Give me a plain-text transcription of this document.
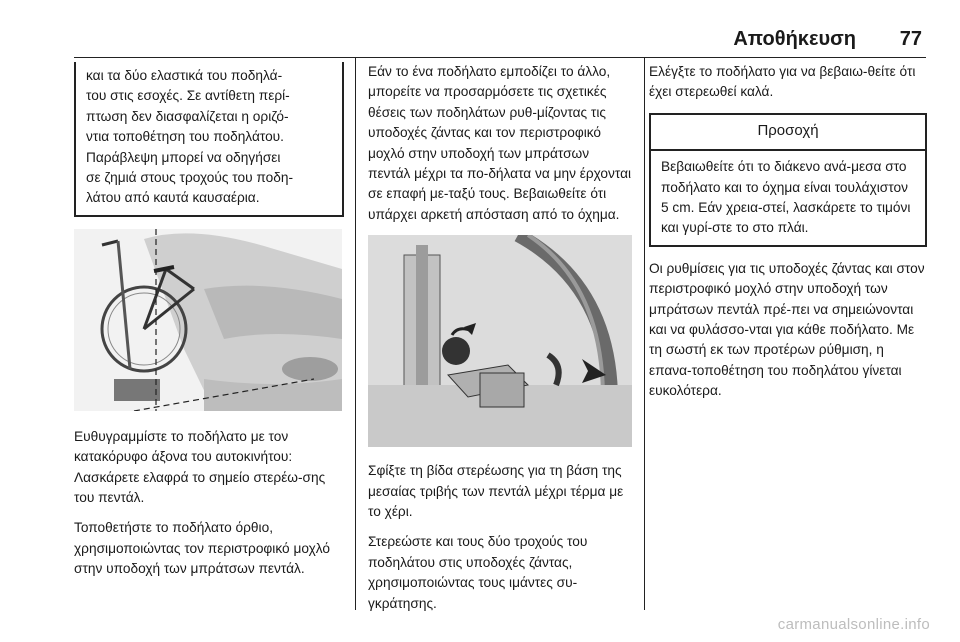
Αποθήκευση 77
και τα δύο ελαστικά του ποδηλά-
του στις εσοχές. Σε αντίθετη περί-
πτωση δεν διασφαλίζεται η οριζό-
ντια τοποθέτηση του ποδηλάτου.
Παράβλεψη μπορεί να οδηγήσει
σε ζημιά στους τροχούς του ποδη-
λάτου από καυτά καυσαέρια.

Ευθυγραμμίστε το ποδήλατο με τον κατακόρυφο άξονα του αυτοκινήτου: Λασκάρετε ελαφρά το σημείο στερέω-σης του πεντάλ.

Τοποθετήστε το ποδήλατο όρθιο, χρησιμοποιώντας τον περιστροφικό μοχλό στην υποδοχή των μπράτσων πεντάλ.

Εάν το ένα ποδήλατο εμποδίζει το άλλο, μπορείτε να προσαρμόσετε τις σχετικές θέσεις των ποδηλάτων ρυθ-μίζοντας τις υποδοχές ζάντας και τον περιστροφικό μοχλό στην υποδοχή των μπράτσων πεντάλ μέχρι τα πο-δήλατα να μην έρχονται σε επαφή με-ταξύ τους. Βεβαιωθείτε ότι υπάρχει αρκετή απόσταση από το όχημα.

Σφίξτε τη βίδα στερέωσης για τη βάση της μεσαίας τριβής των πεντάλ μέχρι τέρμα με το χέρι.

Στερεώστε και τους δύο τροχούς του ποδηλάτου στις υποδοχές ζάντας, χρησιμοποιώντας τους ιμάντες συ-γκράτησης.

Ελέγξτε το ποδήλατο για να βεβαιω-θείτε ότι έχει στερεωθεί καλά.

Προσοχή
Βεβαιωθείτε ότι το διάκενο ανά-μεσα στο ποδήλατο και το όχημα είναι τουλάχιστον 5 cm. Εάν χρεια-στεί, λασκάρετε το τιμόνι και γυρί-στε το στο πλάι.

Οι ρυθμίσεις για τις υποδοχές ζάντας και στον περιστροφικό μοχλό στην υποδοχή των μπράτσων πεντάλ πρέ-πει να σημειώνονται και να φυλάσσο-νται για κάθε ποδήλατο. Με τη σωστή εκ των προτέρων ρύθμιση, η επανα-τοποθέτηση του ποδηλάτου γίνεται ευκολότερα.

carmanualsonline.info
